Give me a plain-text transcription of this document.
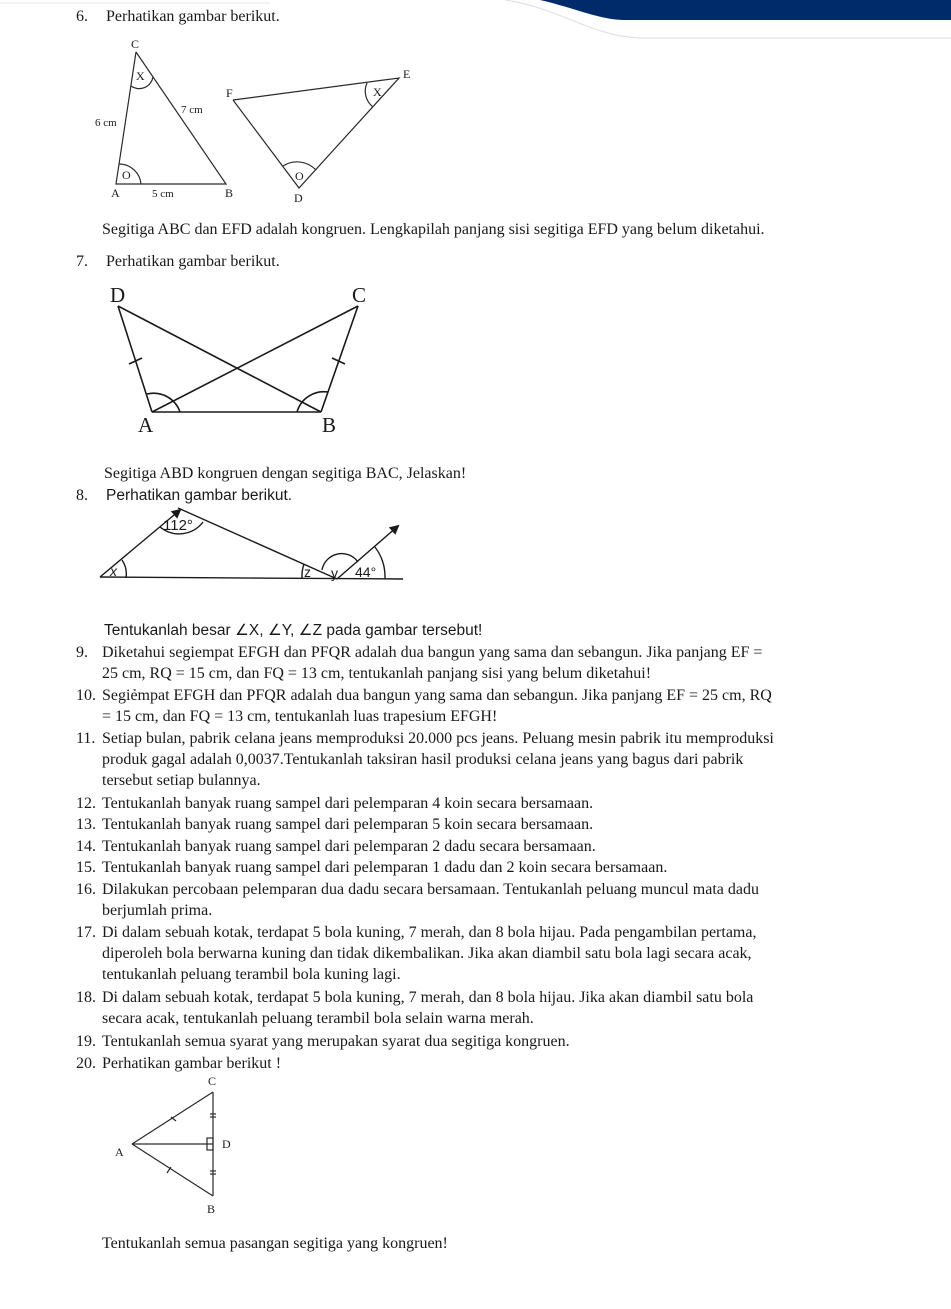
6. Perhatikan gambar berikut.
C
X
O
6 cm
7 cm
5 cm
A	B
F
E
D
X
O
Segitiga ABC dan EFD adalah kongruen. Lengkapilah panjang sisi segitiga EFD yang belum diketahui.
7. Perhatikan gambar berikut.
D	C
A	B
Segitiga ABD kongruen dengan segitiga BAC, Jelaskan!
8. Perhatikan gambar berikut.
112°
x	z y 44°
Tentukanlah besar ∠X, ∠Y, ∠Z pada gambar tersebut!
9. Diketahui segiempat EFGH dan PFQR adalah dua bangun yang sama dan sebangun. Jika panjang EF =
25 cm, RQ = 15 cm, dan FQ = 13 cm, tentukanlah panjang sisi yang belum diketahui!
10. Segiẻmpat EFGH dan PFQR adalah dua bangun yang sama dan sebangun. Jika panjang EF = 25 cm, RQ
= 15 cm, dan FQ = 13 cm, tentukanlah luas trapesium EFGH!
11. Setiap bulan, pabrik celana jeans memproduksi 20.000 pcs jeans. Peluang mesin pabrik itu memproduksi
produk gagal adalah 0,0037.Tentukanlah taksiran hasil produksi celana jeans yang bagus dari pabrik
tersebut setiap bulannya.
12. Tentukanlah banyak ruang sampel dari pelemparan 4 koin secara bersamaan.
13. Tentukanlah banyak ruang sampel dari pelemparan 5 koin secara bersamaan.
14. Tentukanlah banyak ruang sampel dari pelemparan 2 dadu secara bersamaan.
15. Tentukanlah banyak ruang sampel dari pelemparan 1 dadu dan 2 koin secara bersamaan.
16. Dilakukan percobaan pelemparan dua dadu secara bersamaan. Tentukanlah peluang muncul mata dadu
berjumlah prima.
17. Di dalam sebuah kotak, terdapat 5 bola kuning, 7 merah, dan 8 bola hijau. Pada pengambilan pertama,
diperoleh bola berwarna kuning dan tidak dikembalikan. Jika akan diambil satu bola lagi secara acak,
tentukanlah peluang terambil bola kuning lagi.
18. Di dalam sebuah kotak, terdapat 5 bola kuning, 7 merah, dan 8 bola hijau. Jika akan diambil satu bola
secara acak, tentukanlah peluang terambil bola selain warna merah.
19. Tentukanlah semua syarat yang merupakan syarat dua segitiga kongruen.
20. Perhatikan gambar berikut !
C
A
D
B
Tentukanlah semua pasangan segitiga yang kongruen!
